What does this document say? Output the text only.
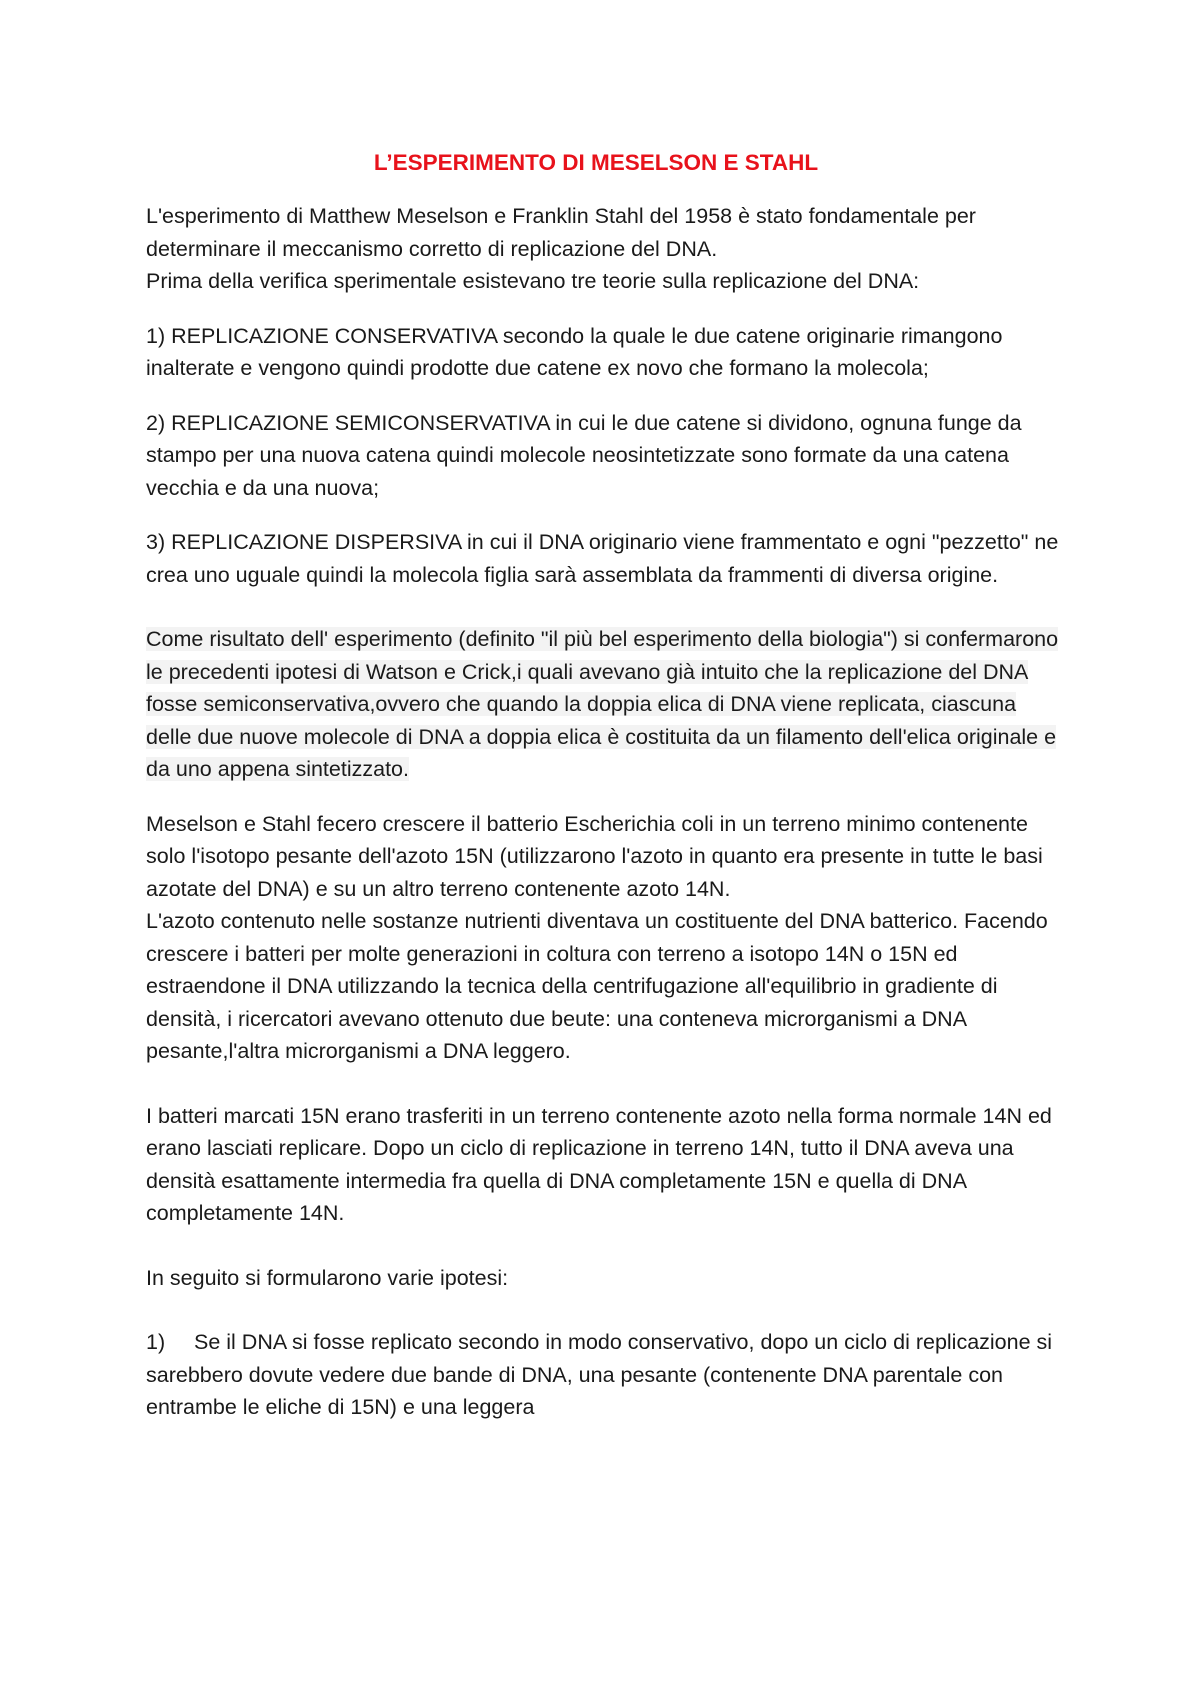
L’ESPERIMENTO DI MESELSON E STAHL

L'esperimento di Matthew Meselson e Franklin Stahl del 1958 è stato fondamentale per determinare il meccanismo corretto di replicazione del DNA.

Prima della verifica sperimentale esistevano tre teorie sulla replicazione del DNA:

1) REPLICAZIONE CONSERVATIVA secondo la quale le due catene originarie rimangono inalterate e vengono quindi prodotte due catene ex novo che formano la molecola;

2) REPLICAZIONE SEMICONSERVATIVA in cui le due catene si dividono, ognuna funge da stampo per una nuova catena quindi molecole neosintetizzate sono formate da una catena vecchia e da una nuova;

3) REPLICAZIONE DISPERSIVA in cui il DNA originario viene frammentato e ogni "pezzetto" ne crea uno uguale quindi la molecola figlia sarà assemblata da frammenti di diversa origine.

Come risultato dell' esperimento (definito "il più bel esperimento della biologia") si confermarono le precedenti ipotesi di Watson e Crick,i quali avevano già intuito che la replicazione del DNA fosse semiconservativa,ovvero che quando la doppia elica di DNA viene replicata, ciascuna delle due nuove molecole di DNA a doppia elica è costituita da un filamento dell'elica originale e da uno appena sintetizzato.

Meselson e Stahl fecero crescere il batterio Escherichia coli in un terreno minimo contenente solo l'isotopo pesante dell'azoto 15N (utilizzarono l'azoto in quanto era presente in tutte le basi azotate del DNA) e su un altro terreno contenente azoto 14N.

L'azoto contenuto nelle sostanze nutrienti diventava un costituente del DNA batterico. Facendo crescere i batteri per molte generazioni in coltura con terreno a isotopo 14N o 15N ed estraendone il DNA utilizzando la tecnica della centrifugazione all'equilibrio in gradiente di densità, i ricercatori avevano ottenuto due beute: una conteneva microrganismi a DNA pesante,l'altra microrganismi a DNA leggero.

I batteri marcati 15N erano trasferiti in un terreno contenente azoto nella forma normale 14N ed erano lasciati replicare. Dopo un ciclo di replicazione in terreno 14N, tutto il DNA aveva una densità esattamente intermedia fra quella di DNA completamente 15N e quella di DNA completamente 14N.

In seguito si formularono varie ipotesi:

1) Se il DNA si fosse replicato secondo in modo conservativo, dopo un ciclo di replicazione si sarebbero dovute vedere due bande di DNA, una pesante (contenente DNA parentale con entrambe le eliche di 15N) e una leggera
